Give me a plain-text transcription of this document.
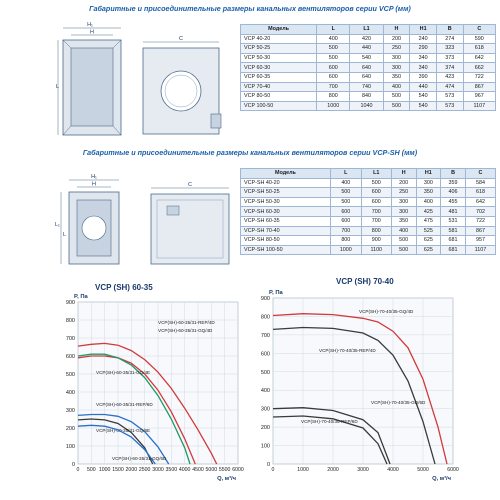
Габаритные и присоединительные размеры канальных вентиляторов серии VCP (мм)
H₁
H
L
C
Модель	L	L1	H	H1	B	C
VCP 40-20	400	420	200	240	274	590
VCP 50-25	500	440	250	290	323	618
VCP 50-30	500	540	300	340	373	642
VCP 60-30	600	640	300	340	374	662
VCP 60-35	600	640	350	390	423	722
VCP 70-40	700	740	400	440	474	867
VCP 80-50	800	840	500	540	573	967
VCP 100-50	1000	1040	500	540	573	1107
Габаритные и присоединительные размеры канальных вентиляторов серии VCP-SH (мм)
H₁
H
L₁
L
C
Модель	L	L1	H	H1	B	C
VCP-SH 40-20	400	500	200	300	359	584
VCP-SH 50-25	500	600	250	350	406	618
VCP-SH 50-30	500	600	300	400	455	642
VCP-SH 60-30	600	700	300	425	481	702
VCP-SH 60-35	600	700	350	475	531	722
VCP-SH 70-40	700	800	400	525	581	867
VCP-SH 80-50	800	900	500	625	681	957
VCP-SH 100-50	1000	1100	500	625	681	1107
VCP (SH) 60-35
VCP (SH) 70-40
0
100
200
300
400
500
600
700
800
900
0 500 1000 1500 2000 2500 3000 3500 4000 4500 5000 5500 6000
P, Па
Q, м³/ч
VCP(SH)-60-35/31-REP/4D
VCP(SH)-60-35/31-GQ/4D
VCP(SH)-60-35/31-GQ/4E
VCP(SH)-60-35/31-REP/6D
VCP(SH)-60-35/31-GQ/6E
VCP(SH)-60-35/31-GQ/6D
0
100
200
300
400
500
600
700
800
900
0	1000	2000	3000	4000	5000	6000
P, Па
Q, м³/ч
VCP(SH)-70-40/35-GQ/4D
VCP(SH)-70-40/35-REP/4D
VCP(SH)-70-40/35-GQ/6D
VCP(SH)-70-40/35-REP/6D
